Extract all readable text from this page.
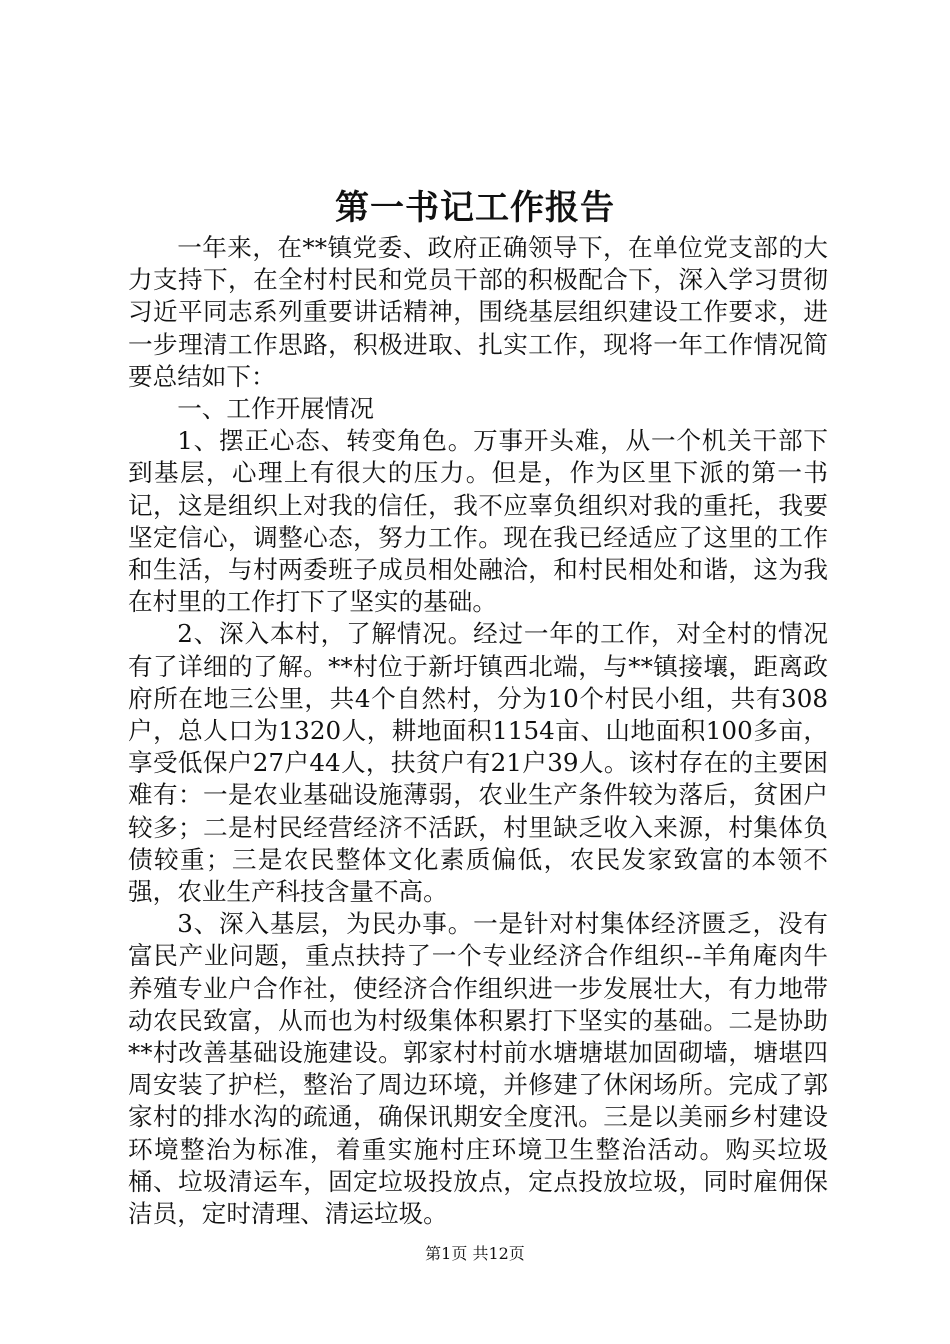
第一书记工作报告

一年来，在**镇党委、政府正确领导下，在单位党支部的大力支持下，在全村村民和党员干部的积极配合下，深入学习贯彻习近平同志系列重要讲话精神，围绕基层组织建设工作要求，进一步理清工作思路，积极进取、扎实工作，现将一年工作情况简要总结如下：

一、工作开展情况

1、摆正心态、转变角色。万事开头难，从一个机关干部下到基层，心理上有很大的压力。但是，作为区里下派的第一书记，这是组织上对我的信任，我不应辜负组织对我的重托，我要坚定信心，调整心态，努力工作。现在我已经适应了这里的工作和生活，与村两委班子成员相处融洽，和村民相处和谐，这为我在村里的工作打下了坚实的基础。

2、深入本村，了解情况。经过一年的工作，对全村的情况有了详细的了解。**村位于新圩镇西北端，与**镇接壤，距离政府所在地三公里，共4个自然村，分为10个村民小组，共有308户，总人口为1320人，耕地面积1154亩、山地面积100多亩，享受低保户27户44人，扶贫户有21户39人。该村存在的主要困难有：一是农业基础设施薄弱，农业生产条件较为落后，贫困户较多；二是村民经营经济不活跃，村里缺乏收入来源，村集体负债较重；三是农民整体文化素质偏低，农民发家致富的本领不强，农业生产科技含量不高。

3、深入基层，为民办事。一是针对村集体经济匮乏，没有富民产业问题，重点扶持了一个专业经济合作组织--羊角庵肉牛养殖专业户合作社，使经济合作组织进一步发展壮大，有力地带动农民致富，从而也为村级集体积累打下坚实的基础。二是协助**村改善基础设施建设。郭家村村前水塘塘堪加固砌墙，塘堪四周安装了护栏，整治了周边环境，并修建了休闲场所。完成了郭家村的排水沟的疏通，确保讯期安全度汛。三是以美丽乡村建设环境整治为标准，着重实施村庄环境卫生整治活动。购买垃圾桶、垃圾清运车，固定垃圾投放点，定点投放垃圾，同时雇佣保洁员，定时清理、清运垃圾。

第1页 共12页
